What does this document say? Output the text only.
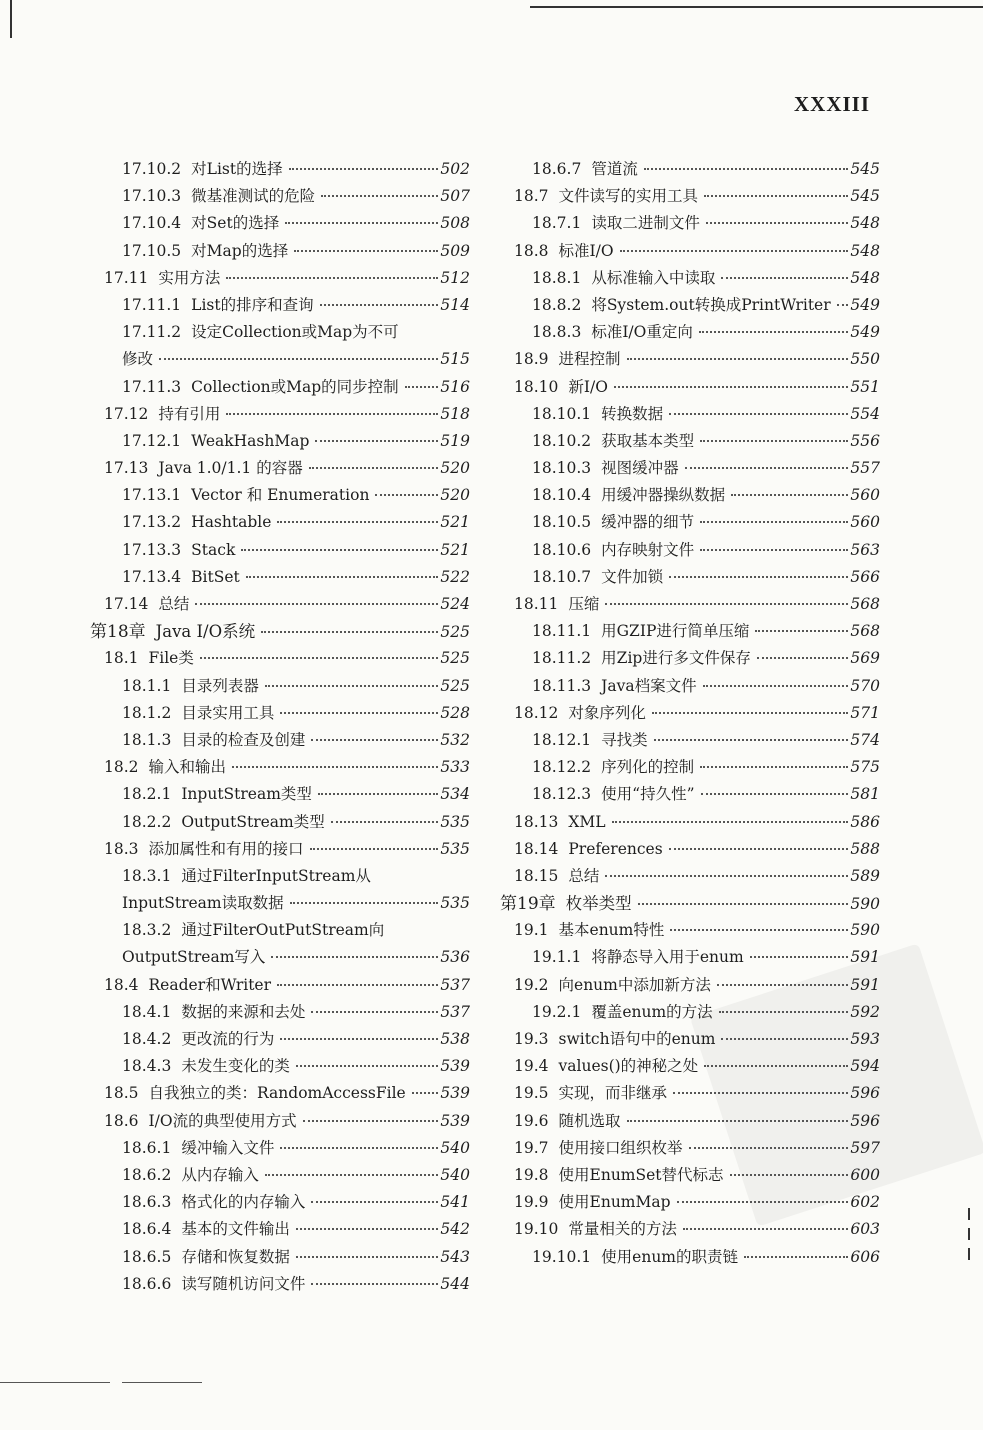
XXXIII
17.10.2 对List的选择	502
17.10.3 微基准测试的危险	507
17.10.4 对Set的选择	508
17.10.5 对Map的选择	509
17.11 实用方法	512
17.11.1 List的排序和查询	514
17.11.2 设定Collection或Map为不可
修改	515
17.11.3 Collection或Map的同步控制	516
17.12 持有引用	518
17.12.1 WeakHashMap	519
17.13 Java 1.0/1.1 的容器	520
17.13.1 Vector 和 Enumeration	520
17.13.2 Hashtable	521
17.13.3 Stack	521
17.13.4 BitSet	522
17.14 总结	524
第18章 Java I/O系统	525
18.1 File类	525
18.1.1 目录列表器	525
18.1.2 目录实用工具	528
18.1.3 目录的检查及创建	532
18.2 输入和输出	533
18.2.1 InputStream类型	534
18.2.2 OutputStream类型	535
18.3 添加属性和有用的接口	535
18.3.1 通过FilterInputStream从
InputStream读取数据	535
18.3.2 通过FilterOutPutStream向
OutputStream写入	536
18.4 Reader和Writer	537
18.4.1 数据的来源和去处	537
18.4.2 更改流的行为	538
18.4.3 未发生变化的类	539
18.5 自我独立的类：RandomAccessFile 539
18.6 I/O流的典型使用方式	539
18.6.1 缓冲输入文件	540
18.6.2 从内存输入	540
18.6.3 格式化的内存输入	541
18.6.4 基本的文件输出	542
18.6.5 存储和恢复数据	543
18.6.6 读写随机访问文件	544
18.6.7 管道流	545
18.7 文件读写的实用工具	545
18.7.1 读取二进制文件	548
18.8 标准I/O	548
18.8.1 从标准输入中读取	548
18.8.2 将System.out转换成PrintWriter 549
18.8.3 标准I/O重定向	549
18.9 进程控制	550
18.10 新I/O	551
18.10.1 转换数据	554
18.10.2 获取基本类型	556
18.10.3 视图缓冲器	557
18.10.4 用缓冲器操纵数据	560
18.10.5 缓冲器的细节	560
18.10.6 内存映射文件	563
18.10.7 文件加锁	566
18.11 压缩	568
18.11.1 用GZIP进行简单压缩	568
18.11.2 用Zip进行多文件保存	569
18.11.3 Java档案文件	570
18.12 对象序列化	571
18.12.1 寻找类	574
18.12.2 序列化的控制	575
18.12.3 使用“持久性”	581
18.13 XML	586
18.14 Preferences	588
18.15 总结	589
第19章 枚举类型	590
19.1 基本enum特性	590
19.1.1 将静态导入用于enum	591
19.2 向enum中添加新方法	591
19.2.1 覆盖enum的方法	592
19.3 switch语句中的enum	593
19.4 values()的神秘之处	594
19.5 实现，而非继承	596
19.6 随机选取	596
19.7 使用接口组织枚举	597
19.8 使用EnumSet替代标志	600
19.9 使用EnumMap	602
19.10 常量相关的方法	603
19.10.1 使用enum的职责链	606
